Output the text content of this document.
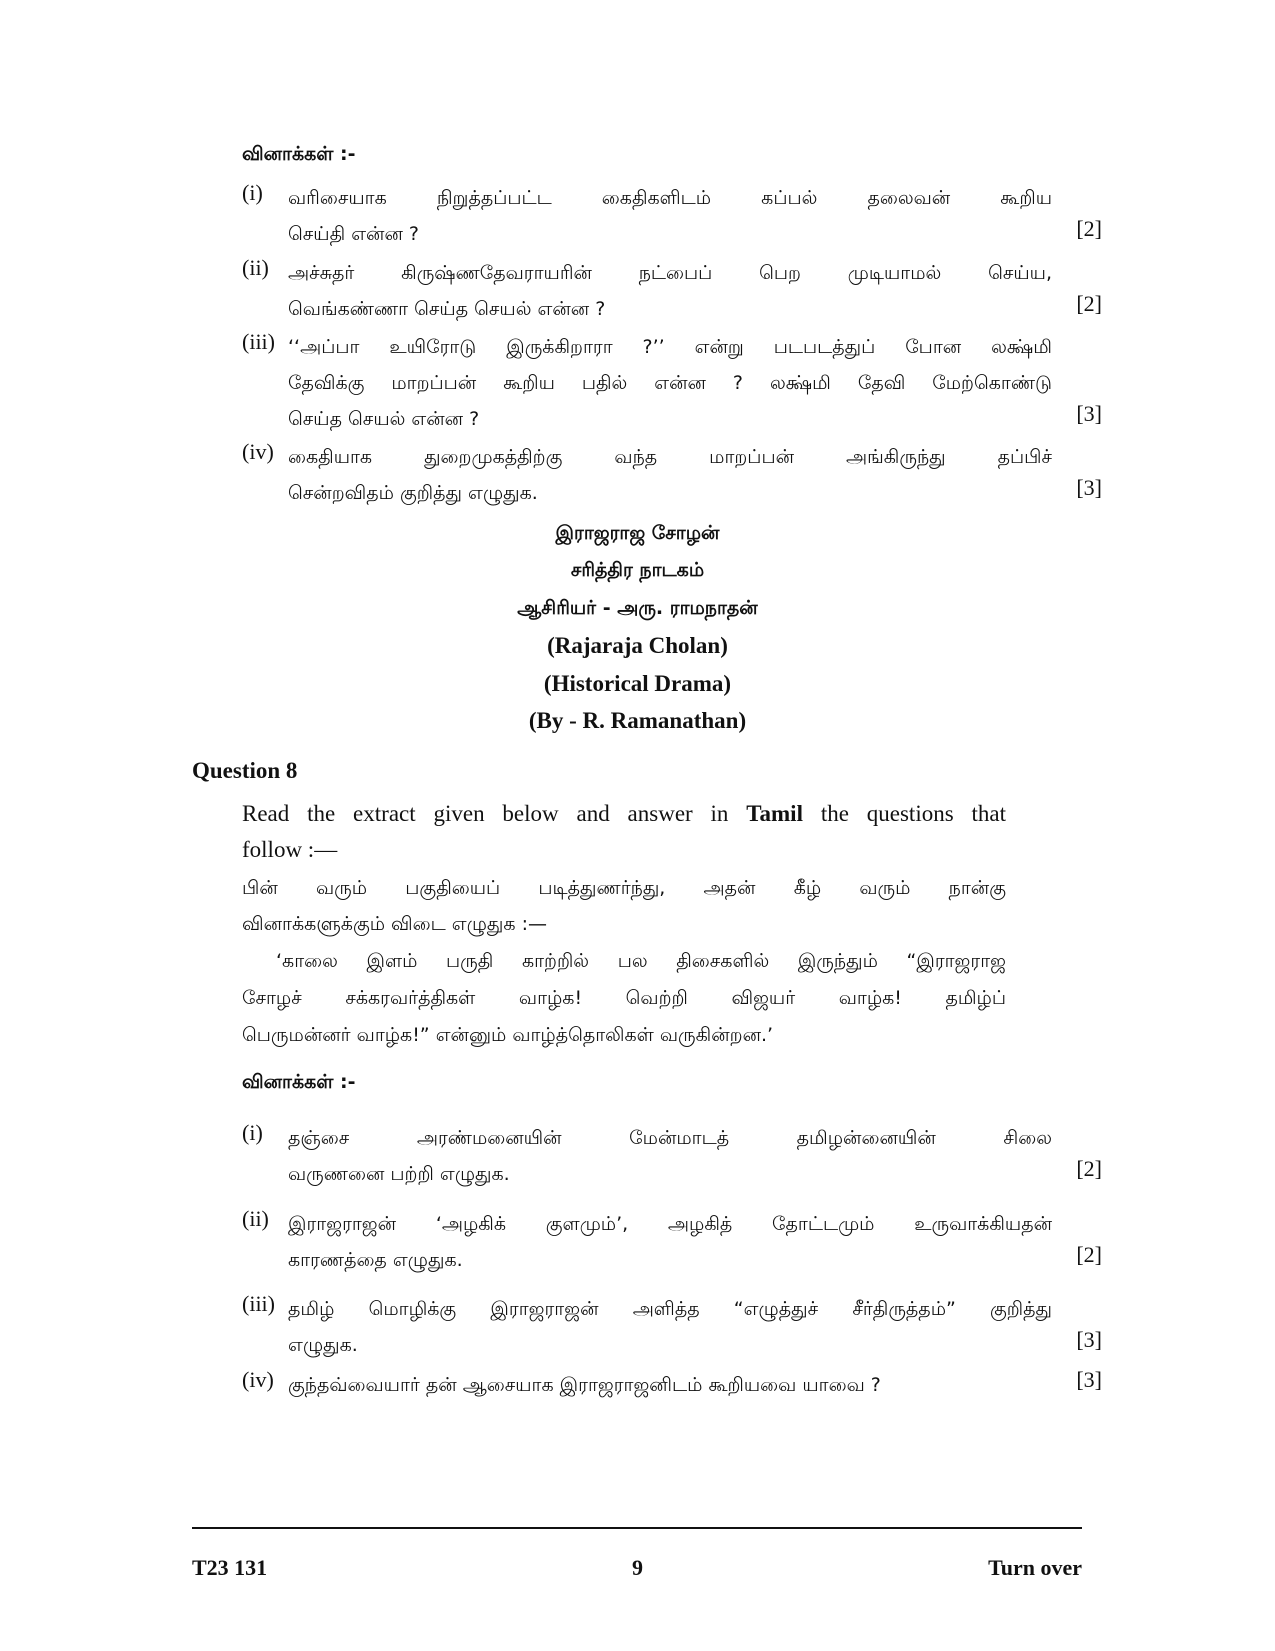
வினாக்கள் :-
(i) வரிசையாக நிறுத்தப்பட்ட கைதிகளிடம் கப்பல் தலைவன் கூறிய
செய்தி என்ன ?	[2]
(ii) அச்சுதர் கிருஷ்ணதேவராயரின் நட்பைப் பெற முடியாமல் செய்ய,
வெங்கண்ணா செய்த செயல் என்ன ?	[2]
(iii) ‘‘அப்பா உயிரோடு இருக்கிறாரா ?’’ என்று படபடத்துப் போன லக்ஷ்மி
தேவிக்கு மாறப்பன் கூறிய பதில் என்ன ? லக்ஷ்மி தேவி மேற்கொண்டு
செய்த செயல் என்ன ?	[3]
(iv) கைதியாக துறைமுகத்திற்கு வந்த மாறப்பன் அங்கிருந்து தப்பிச்
சென்றவிதம் குறித்து எழுதுக.	[3]
இராஜராஜ சோழன்
சரித்திர நாடகம்
ஆசிரியர் - அரு. ராமநாதன்
(Rajaraja Cholan)
(Historical Drama)
(By - R. Ramanathan)
Question 8
Read the extract given below and answer in Tamil the questions that
follow :—
பின் வரும் பகுதியைப் படித்துணர்ந்து, அதன் கீழ் வரும் நான்கு
வினாக்களுக்கும் விடை எழுதுக :—
‘காலை இளம் பருதி காற்றில் பல திசைகளில் இருந்தும் “இராஜராஜ
சோழச் சக்கரவர்த்திகள் வாழ்க! வெற்றி விஜயர் வாழ்க! தமிழ்ப்
பெருமன்னர் வாழ்க!” என்னும் வாழ்த்தொலிகள் வருகின்றன.’
வினாக்கள் :-
(i) தஞ்சை அரண்மனையின் மேன்மாடத் தமிழன்னையின் சிலை
வருணனை பற்றி எழுதுக.	[2]
(ii) இராஜராஜன் ‘அழகிக் குளமும்’, அழகித் தோட்டமும் உருவாக்கியதன்
காரணத்தை எழுதுக.	[2]
(iii) தமிழ் மொழிக்கு இராஜராஜன் அளித்த “எழுத்துச் சீர்திருத்தம்” குறித்து
எழுதுக.	[3]
(iv) குந்தவ்வையார் தன் ஆசையாக இராஜராஜனிடம் கூறியவை யாவை ?	[3]
T23 131	9	Turn over
